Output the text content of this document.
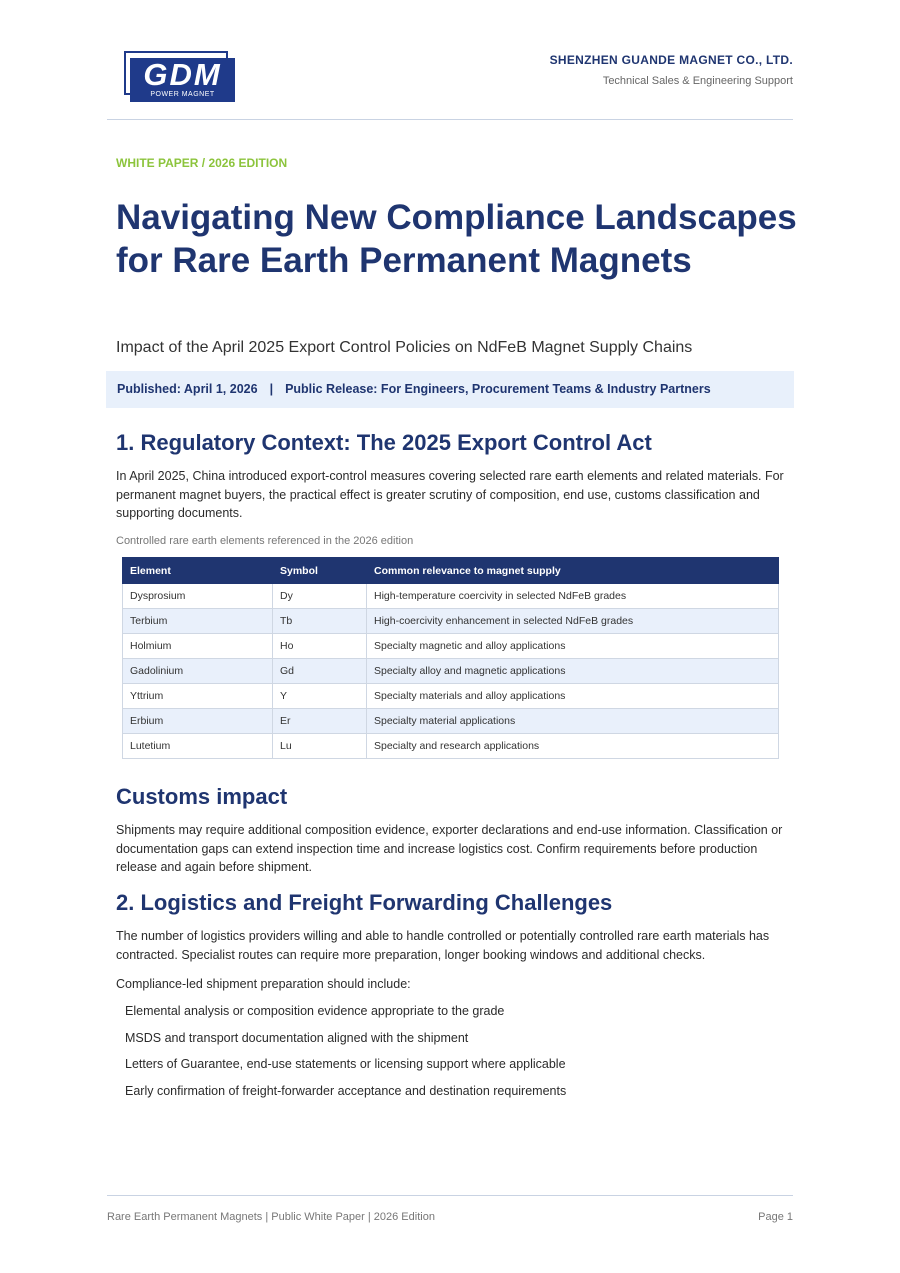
GDM
POWER MAGNET
SHENZHEN GUANDE MAGNET CO., LTD.
Technical Sales & Engineering Support
WHITE PAPER / 2026 EDITION
Navigating New Compliance Landscapes for Rare Earth Permanent Magnets
Impact of the April 2025 Export Control Policies on NdFeB Magnet Supply Chains
Published: April 1, 2026 | Public Release: For Engineers, Procurement Teams & Industry Partners
1. Regulatory Context: The 2025 Export Control Act

In April 2025, China introduced export-control measures covering selected rare earth elements and related materials. For permanent magnet buyers, the practical effect is greater scrutiny of composition, end use, customs classification and supporting documents.

Controlled rare earth elements referenced in the 2026 edition
Element	Symbol	Common relevance to magnet supply
Dysprosium	Dy	High-temperature coercivity in selected NdFeB grades
Terbium	Tb	High-coercivity enhancement in selected NdFeB grades
Holmium	Ho	Specialty magnetic and alloy applications
Gadolinium	Gd	Specialty alloy and magnetic applications
Yttrium	Y	Specialty materials and alloy applications
Erbium	Er	Specialty material applications
Lutetium	Lu	Specialty and research applications
Customs impact

Shipments may require additional composition evidence, exporter declarations and end-use information. Classification or documentation gaps can extend inspection time and increase logistics cost. Confirm requirements before production release and again before shipment.

2. Logistics and Freight Forwarding Challenges

The number of logistics providers willing and able to handle controlled or potentially controlled rare earth materials has contracted. Specialist routes can require more preparation, longer booking windows and additional checks.

Compliance-led shipment preparation should include:

Elemental analysis or composition evidence appropriate to the grade
MSDS and transport documentation aligned with the shipment
Letters of Guarantee, end-use statements or licensing support where applicable
Early confirmation of freight-forwarder acceptance and destination requirements
Rare Earth Permanent Magnets | Public White Paper | 2026 Edition	Page 1
